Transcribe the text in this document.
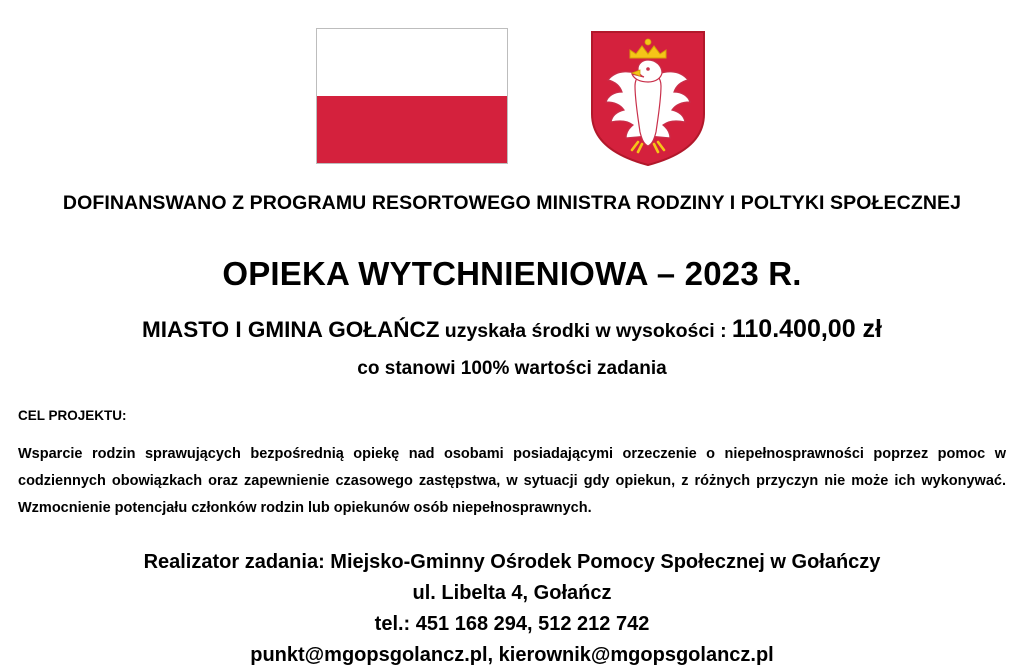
DOFINANSWANO Z PROGRAMU RESORTOWEGO MINISTRA RODZINY I POLTYKI SPOŁECZNEJ
OPIEKA WYTCHNIENIOWA – 2023 R.
MIASTO I GMINA GOŁAŃCZ uzyskała środki w wysokości : 110.400,00 zł
co stanowi 100% wartości zadania
CEL PROJEKTU:
Wsparcie rodzin sprawujących bezpośrednią opiekę nad osobami posiadającymi orzeczenie o niepełnosprawności poprzez pomoc w codziennych obowiązkach oraz zapewnienie czasowego zastępstwa, w sytuacji gdy opiekun, z różnych przyczyn nie może ich wykonywać. Wzmocnienie potencjału członków rodzin lub opiekunów osób niepełnosprawnych.
Realizator zadania: Miejsko-Gminny Ośrodek Pomocy Społecznej w Gołańczy
ul. Libelta 4, Gołańcz
tel.: 451 168 294, 512 212 742
punkt@mgopsgolancz.pl, kierownik@mgopsgolancz.pl
